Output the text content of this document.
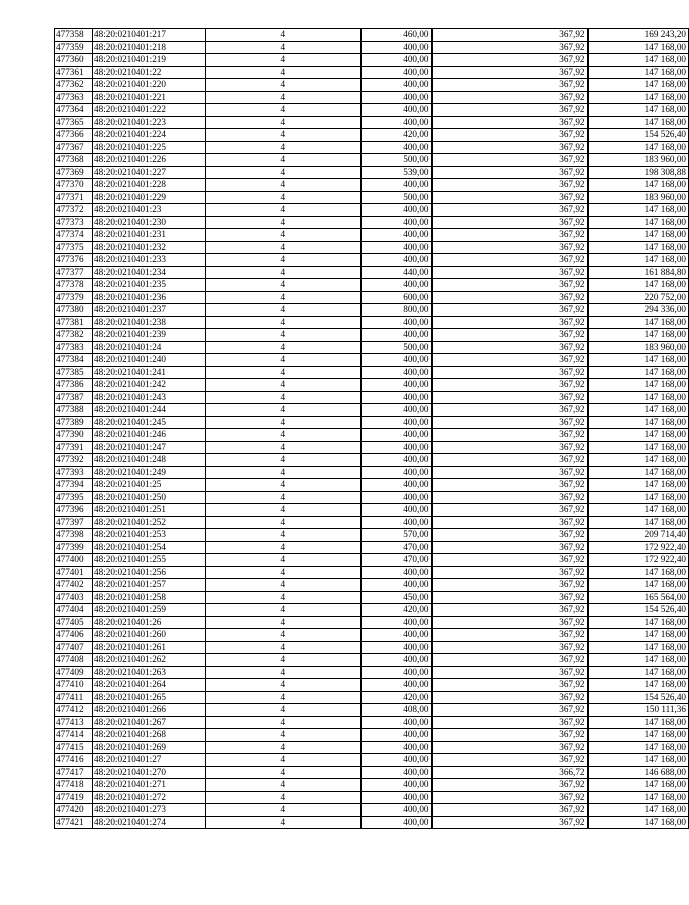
477358	48:20:0210401:217	4	460,00	367,92	169 243,20
477359	48:20:0210401:218	4	400,00	367,92	147 168,00
477360	48:20:0210401:219	4	400,00	367,92	147 168,00
477361	48:20:0210401:22	4	400,00	367,92	147 168,00
477362	48:20:0210401:220	4	400,00	367,92	147 168,00
477363	48:20:0210401:221	4	400,00	367,92	147 168,00
477364	48:20:0210401:222	4	400,00	367,92	147 168,00
477365	48:20:0210401:223	4	400,00	367,92	147 168,00
477366	48:20:0210401:224	4	420,00	367,92	154 526,40
477367	48:20:0210401:225	4	400,00	367,92	147 168,00
477368	48:20:0210401:226	4	500,00	367,92	183 960,00
477369	48:20:0210401:227	4	539,00	367,92	198 308,88
477370	48:20:0210401:228	4	400,00	367,92	147 168,00
477371	48:20:0210401:229	4	500,00	367,92	183 960,00
477372	48:20:0210401:23	4	400,00	367,92	147 168,00
477373	48:20:0210401:230	4	400,00	367,92	147 168,00
477374	48:20:0210401:231	4	400,00	367,92	147 168,00
477375	48:20:0210401:232	4	400,00	367,92	147 168,00
477376	48:20:0210401:233	4	400,00	367,92	147 168,00
477377	48:20:0210401:234	4	440,00	367,92	161 884,80
477378	48:20:0210401:235	4	400,00	367,92	147 168,00
477379	48:20:0210401:236	4	600,00	367,92	220 752,00
477380	48:20:0210401:237	4	800,00	367,92	294 336,00
477381	48:20:0210401:238	4	400,00	367,92	147 168,00
477382	48:20:0210401:239	4	400,00	367,92	147 168,00
477383	48:20:0210401:24	4	500,00	367,92	183 960,00
477384	48:20:0210401:240	4	400,00	367,92	147 168,00
477385	48:20:0210401:241	4	400,00	367,92	147 168,00
477386	48:20:0210401:242	4	400,00	367,92	147 168,00
477387	48:20:0210401:243	4	400,00	367,92	147 168,00
477388	48:20:0210401:244	4	400,00	367,92	147 168,00
477389	48:20:0210401:245	4	400,00	367,92	147 168,00
477390	48:20:0210401:246	4	400,00	367,92	147 168,00
477391	48:20:0210401:247	4	400,00	367,92	147 168,00
477392	48:20:0210401:248	4	400,00	367,92	147 168,00
477393	48:20:0210401:249	4	400,00	367,92	147 168,00
477394	48:20:0210401:25	4	400,00	367,92	147 168,00
477395	48:20:0210401:250	4	400,00	367,92	147 168,00
477396	48:20:0210401:251	4	400,00	367,92	147 168,00
477397	48:20:0210401:252	4	400,00	367,92	147 168,00
477398	48:20:0210401:253	4	570,00	367,92	209 714,40
477399	48:20:0210401:254	4	470,00	367,92	172 922,40
477400	48:20:0210401:255	4	470,00	367,92	172 922,40
477401	48:20:0210401:256	4	400,00	367,92	147 168,00
477402	48:20:0210401:257	4	400,00	367,92	147 168,00
477403	48:20:0210401:258	4	450,00	367,92	165 564,00
477404	48:20:0210401:259	4	420,00	367,92	154 526,40
477405	48:20:0210401:26	4	400,00	367,92	147 168,00
477406	48:20:0210401:260	4	400,00	367,92	147 168,00
477407	48:20:0210401:261	4	400,00	367,92	147 168,00
477408	48:20:0210401:262	4	400,00	367,92	147 168,00
477409	48:20:0210401:263	4	400,00	367,92	147 168,00
477410	48:20:0210401:264	4	400,00	367,92	147 168,00
477411	48:20:0210401:265	4	420,00	367,92	154 526,40
477412	48:20:0210401:266	4	408,00	367,92	150 111,36
477413	48:20:0210401:267	4	400,00	367,92	147 168,00
477414	48:20:0210401:268	4	400,00	367,92	147 168,00
477415	48:20:0210401:269	4	400,00	367,92	147 168,00
477416	48:20:0210401:27	4	400,00	367,92	147 168,00
477417	48:20:0210401:270	4	400,00	366,72	146 688,00
477418	48:20:0210401:271	4	400,00	367,92	147 168,00
477419	48:20:0210401:272	4	400,00	367,92	147 168,00
477420	48:20:0210401:273	4	400,00	367,92	147 168,00
477421	48:20:0210401:274	4	400,00	367,92	147 168,00
